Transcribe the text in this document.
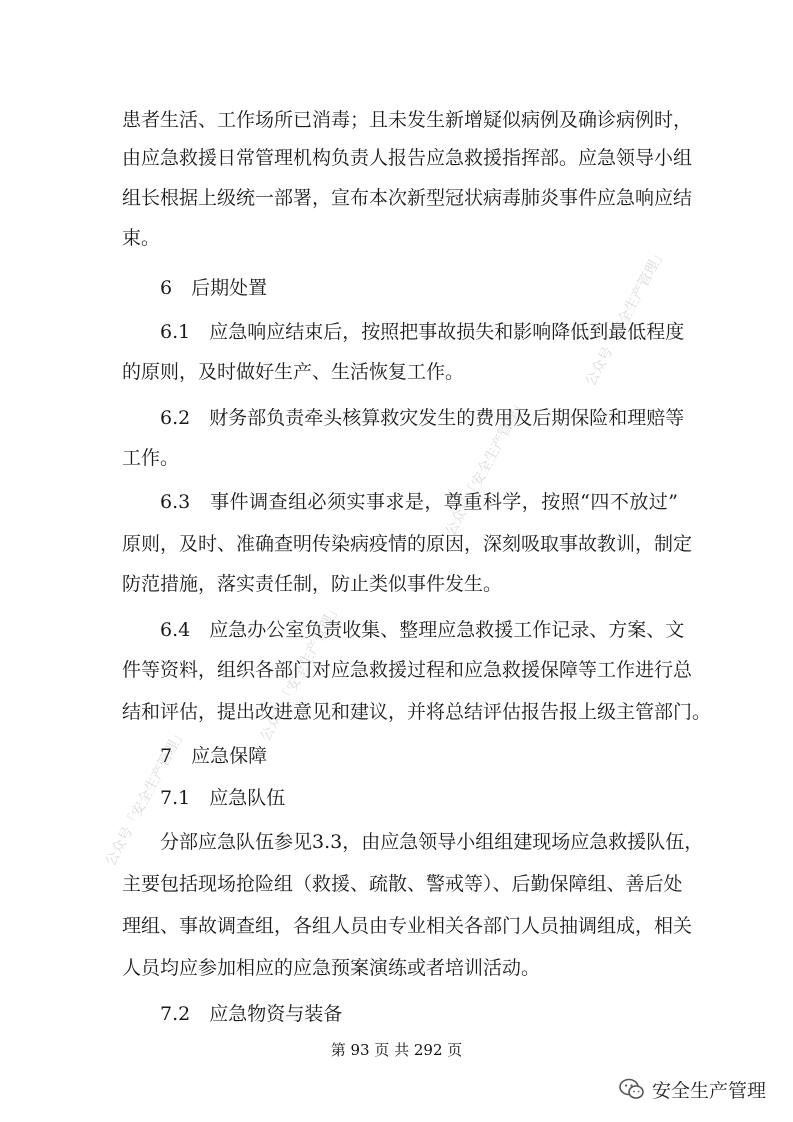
公众号「安全生产管理」
公众号「安全生产管理」
公众号「安全生产管理」
公众号「安全生产管理」
患者生活、工作场所已消毒；且未发生新增疑似病例及确诊病例时，
由应急救援日常管理机构负责人报告应急救援指挥部。应急领导小组
组长根据上级统一部署，宣布本次新型冠状病毒肺炎事件应急响应结
束。
6　后期处置
6.1　应急响应结束后，按照把事故损失和影响降低到最低程度
的原则，及时做好生产、生活恢复工作。
6.2　财务部负责牵头核算救灾发生的费用及后期保险和理赔等
工作。
6.3　事件调查组必须实事求是，尊重科学，按照“四不放过”
原则，及时、准确查明传染病疫情的原因，深刻吸取事故教训，制定
防范措施，落实责任制，防止类似事件发生。
6.4　应急办公室负责收集、整理应急救援工作记录、方案、文
件等资料，组织各部门对应急救援过程和应急救援保障等工作进行总
结和评估，提出改进意见和建议，并将总结评估报告报上级主管部门。
7　应急保障
7.1　应急队伍
分部应急队伍参见3.3，由应急领导小组组建现场应急救援队伍，
主要包括现场抢险组（救援、疏散、警戒等）、后勤保障组、善后处
理组、事故调查组，各组人员由专业相关各部门人员抽调组成，相关
人员均应参加相应的应急预案演练或者培训活动。
7.2　应急物资与装备
第 93 页 共 292 页
安全生产管理
